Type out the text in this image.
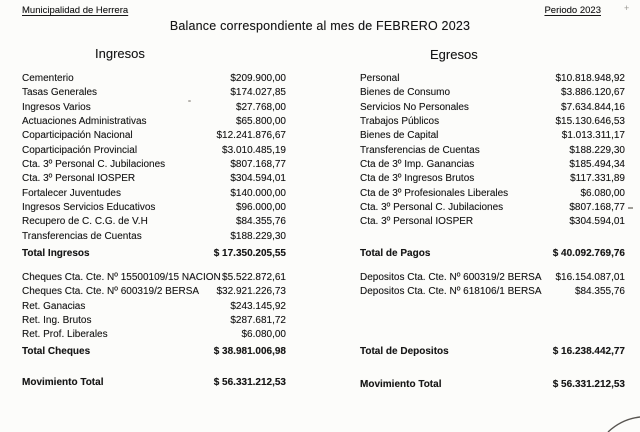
Municipalidad de Herrera	Periodo 2023
Balance correspondiente al mes de FEBRERO 2023
Ingresos	Egresos
Cementerio	$209.900,00
Tasas Generales	$174.027,85
Ingresos Varios	$27.768,00
Actuaciones Administrativas	$65.800,00
Coparticipación Nacional	$12.241.876,67
Coparticipación Provincial	$3.010.485,19
Cta. 3º Personal C. Jubilaciones	$807.168,77
Cta. 3º Personal IOSPER	$304.594,01
Fortalecer Juventudes	$140.000,00
Ingresos Servicios Educativos	$96.000,00
Recupero de C. C.G. de V.H	$84.355,76
Transferencias de Cuentas	$188.229,30
Total Ingresos	$ 17.350.205,55
Cheques Cta. Cte. Nº 15500109/15 NACION $5.522.872,61
Cheques Cta. Cte. Nº 600319/2 BERSA $32.921.226,73
Ret. Ganacias	$243.145,92
Ret. Ing. Brutos	$287.681,72
Ret. Prof. Liberales	$6.080,00
Total Cheques	$ 38.981.006,98
Movimiento Total	$ 56.331.212,53
Personal	$10.818.948,92
Bienes de Consumo	$3.886.120,67
Servicios No Personales	$7.634.844,16
Trabajos Públicos	$15.130.646,53
Bienes de Capital	$1.013.311,17
Transferencias de Cuentas	$188.229,30
Cta de 3º Imp. Ganancias	$185.494,34
Cta de 3º Ingresos Brutos	$117.331,89
Cta de 3º Profesionales Liberales	$6.080,00
Cta. 3º Personal C. Jubilaciones	$807.168,77
Cta. 3º Personal IOSPER	$304.594,01
Total de Pagos	$ 40.092.769,76
Depositos Cta. Cte. Nº 600319/2 BERSA $16.154.087,01
Depositos Cta. Cte. Nº 618106/1 BERSA	$84.355,76
Total de Depositos	$ 16.238.442,77
Movimiento Total	$ 56.331.212,53
+
